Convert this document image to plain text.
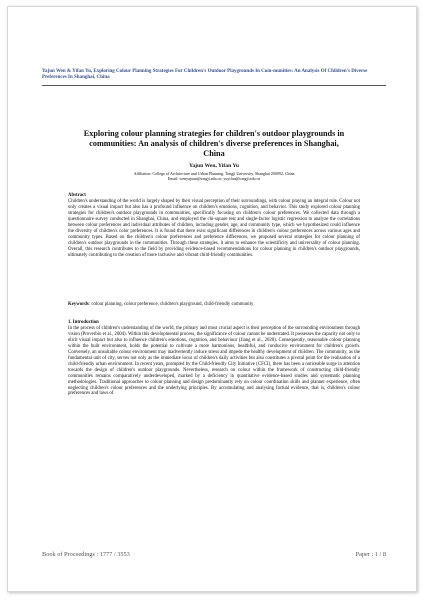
Yajun Wen & Yifan Yu, Exploring Colour Planning Strategies For Children's Outdoor Playgrounds In Com-munities: An Analysis Of Children's Diverse Preferences In Shanghai, China
Exploring colour planning strategies for children's outdoor playgrounds in communities: An analysis of children's diverse preferences in Shanghai, China
Yajun Wen, Yifan Yu
Affiliation: College of Architecture and Urban Planning, Tongji University, Shanghai 200092, China
Email: wenyajuan@tongji.edu.cn; yuyifan@tongji.edu.cn
Abstract
Children's understanding of the world is largely shaped by their visual perception of their surroundings, with colour playing an integral role. Colour not only creates a visual impact but also has a profound influence on children's emotions, cognition, and behavior. This study explored colour planning strategies for children's outdoor playgrounds in communities, specifically focusing on children's colour preferences. We collected data through a questionnaire survey conducted in Shanghai, China, and employed the chi-square test and single-factor logistic regression to analyze the correlations between colour preferences and individual attributes of children, including gender, age, and community type, which we hypothesized could influence the diversity of children's color preferences. It is found that there exist significant differences in children's colour preferences across various ages and community types. Based on the children's colour preferences and preference differences, we proposed several strategies for colour planning of children's outdoor playgrounds in the communities. Through these strategies, it aims to enhance the scientificity and universality of colour planning. Overall, this research contributes to the field by providing evidence-based recommendations for colour planning in children's outdoor playgrounds, ultimately contributing to the creation of more inclusive and vibrant child-friendly communities.
Keywords: colour planning, colour preference, children's playground, child-friendly community
1. Introduction
In the process of children's understanding of the world, the primary and most crucial aspect is their perception of the surrounding environment through vision (Proverbio et al., 2004). Within this developmental process, the significance of colour cannot be understated. It possesses the capacity not only to elicit visual impact but also to influence children's emotions, cognition, and behaviour (Jiang et al., 2020). Consequently, reasonable colour planning within the built environment, holds the potential to cultivate a more harmonious, healthful, and conducive environment for children's growth. Conversely, an unsuitable colour environment may inadvertently induce stress and impede the healthy development of children. The community, as the fundamental unit of city, serves not only as the immediate locus of children's daily activities but also constitutes a pivotal point for the realisation of a child-friendly urban environment. In recent years, prompted by the Child-friendly City Initiative (CFCI), there has been a noticeable surge in attention towards the design of children's outdoor playgrounds. Nevertheless, research on colour within the framework of constructing child-friendly communities remains comparatively underdeveloped, marked by a deficiency in quantitative evidence-based studies and systematic planning methodologies. Traditional approaches to colour planning and design predominantly rely on colour coordination skills and planner experience, often neglecting children's colour preferences and the underlying principles. By accumulating and analysing factual evidence, that is, children's colour preferences and laws of
Book of Proceedings : 1777 / 3553	Paper : 1 / 8
